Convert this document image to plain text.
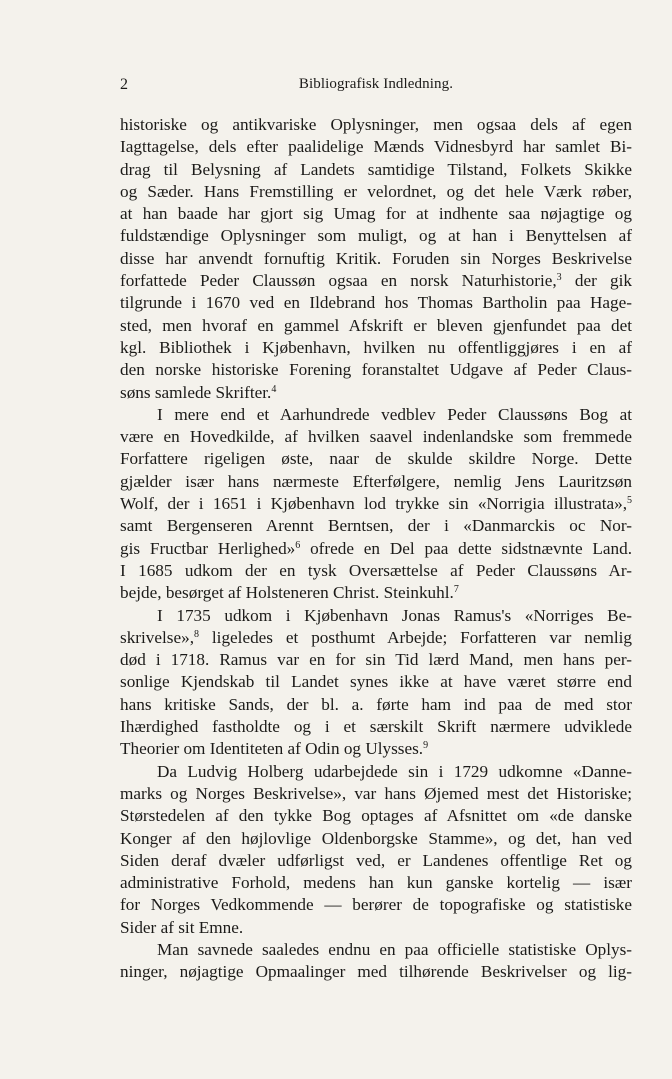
2	Bibliografisk Indledning.
historiske og antikvariske Oplysninger, men ogsaa dels af egen
Iagttagelse, dels efter paalidelige Mænds Vidnesbyrd har samlet Bi-
drag til Belysning af Landets samtidige Tilstand, Folkets Skikke
og Sæder. Hans Fremstilling er velordnet, og det hele Værk røber,
at han baade har gjort sig Umag for at indhente saa nøjagtige og
fuldstændige Oplysninger som muligt, og at han i Benyttelsen af
disse har anvendt fornuftig Kritik. Foruden sin Norges Beskrivelse
forfattede Peder Claussøn ogsaa en norsk Naturhistorie,$^3$ der gik
tilgrunde i 1670 ved en Ildebrand hos Thomas Bartholin paa Hage-
sted, men hvoraf en gammel Afskrift er bleven gjenfundet paa det
kgl. Bibliothek i Kjøbenhavn, hvilken nu offentliggjøres i en af
den norske historiske Forening foranstaltet Udgave af Peder Claus-
søns samlede Skrifter.$^4$
I mere end et Aarhundrede vedblev Peder Claussøns Bog at
være en Hovedkilde, af hvilken saavel indenlandske som fremmede
Forfattere rigeligen øste, naar de skulde skildre Norge. Dette
gjælder især hans nærmeste Efterfølgere, nemlig Jens Lauritzsøn
Wolf, der i 1651 i Kjøbenhavn lod trykke sin «Norrigia illustrata»,$^5$
samt Bergenseren Arennt Berntsen, der i «Danmarckis oc Nor-
gis Fructbar Herlighed»$^6$ ofrede en Del paa dette sidstnævnte Land.
I 1685 udkom der en tysk Oversættelse af Peder Claussøns Ar-
bejde, besørget af Holsteneren Christ. Steinkuhl.$^7$
I 1735 udkom i Kjøbenhavn Jonas Ramus's «Norriges Be-
skrivelse»,$^8$ ligeledes et posthumt Arbejde; Forfatteren var nemlig
død i 1718. Ramus var en for sin Tid lærd Mand, men hans per-
sonlige Kjendskab til Landet synes ikke at have været større end
hans kritiske Sands, der bl. a. førte ham ind paa de med stor
Ihærdighed fastholdte og i et særskilt Skrift nærmere udviklede
Theorier om Identiteten af Odin og Ulysses.$^9$
Da Ludvig Holberg udarbejdede sin i 1729 udkomne «Danne-
marks og Norges Beskrivelse», var hans Øjemed mest det Historiske;
Størstedelen af den tykke Bog optages af Afsnittet om «de danske
Konger af den højlovlige Oldenborgske Stamme», og det, han ved
Siden deraf dvæler udførligst ved, er Landenes offentlige Ret og
administrative Forhold, medens han kun ganske kortelig — især
for Norges Vedkommende — berører de topografiske og statistiske
Sider af sit Emne.
Man savnede saaledes endnu en paa officielle statistiske Oplys-
ninger, nøjagtige Opmaalinger med tilhørende Beskrivelser og lig-
